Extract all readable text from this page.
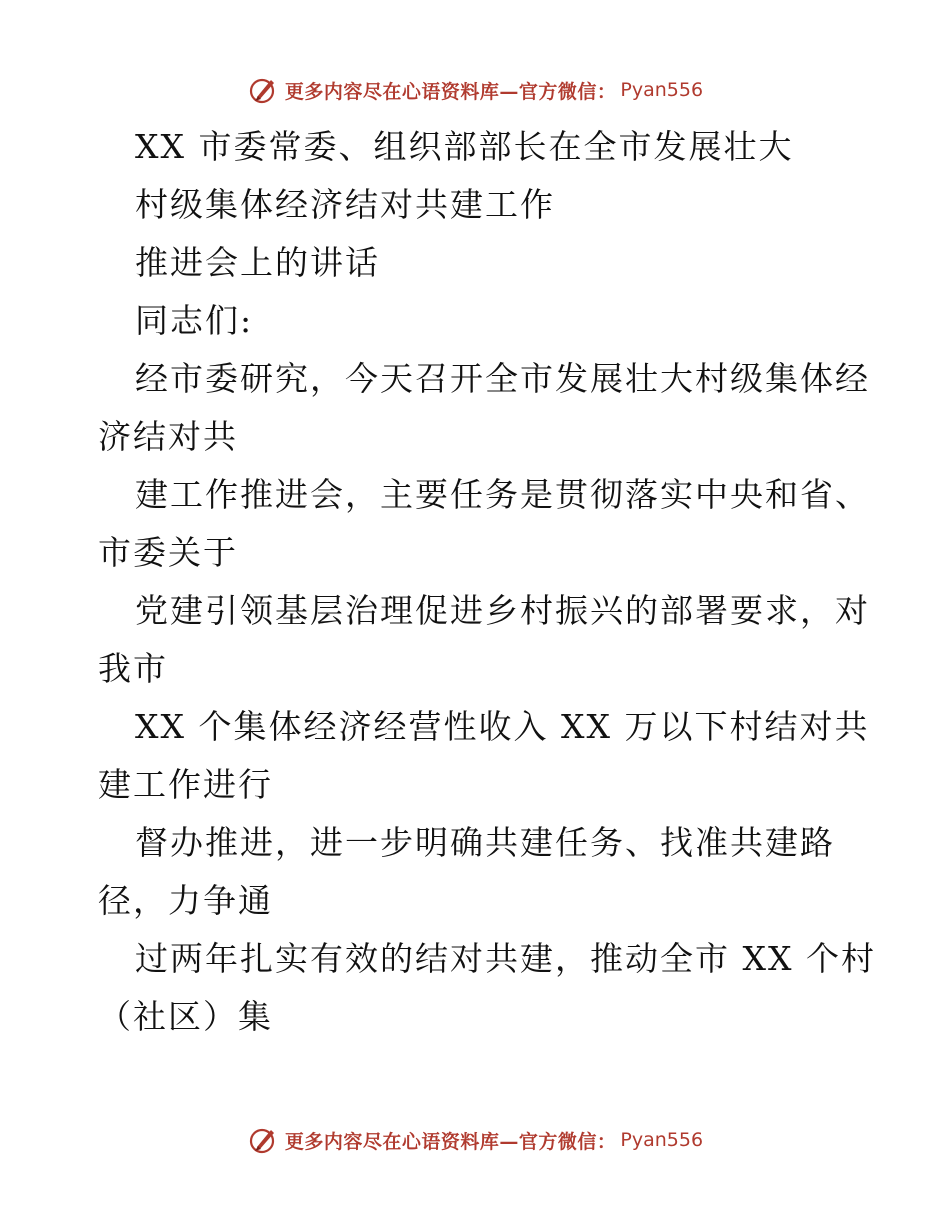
更多内容尽在心语资料库—官方微信： Pyan556
XX 市委常委、组织部部长在全市发展壮大
村级集体经济结对共建工作
推进会上的讲话
同志们:
经市委研究，今天召开全市发展壮大村级集体经
济结对共
建工作推进会，主要任务是贯彻落实中央和省、
市委关于
党建引领基层治理促进乡村振兴的部署要求，对
我市
XX 个集体经济经营性收入 XX 万以下村结对共
建工作进行
督办推进，进一步明确共建任务、找准共建路
径，力争通
过两年扎实有效的结对共建，推动全市 XX 个村
（社区）集
更多内容尽在心语资料库—官方微信： Pyan556
